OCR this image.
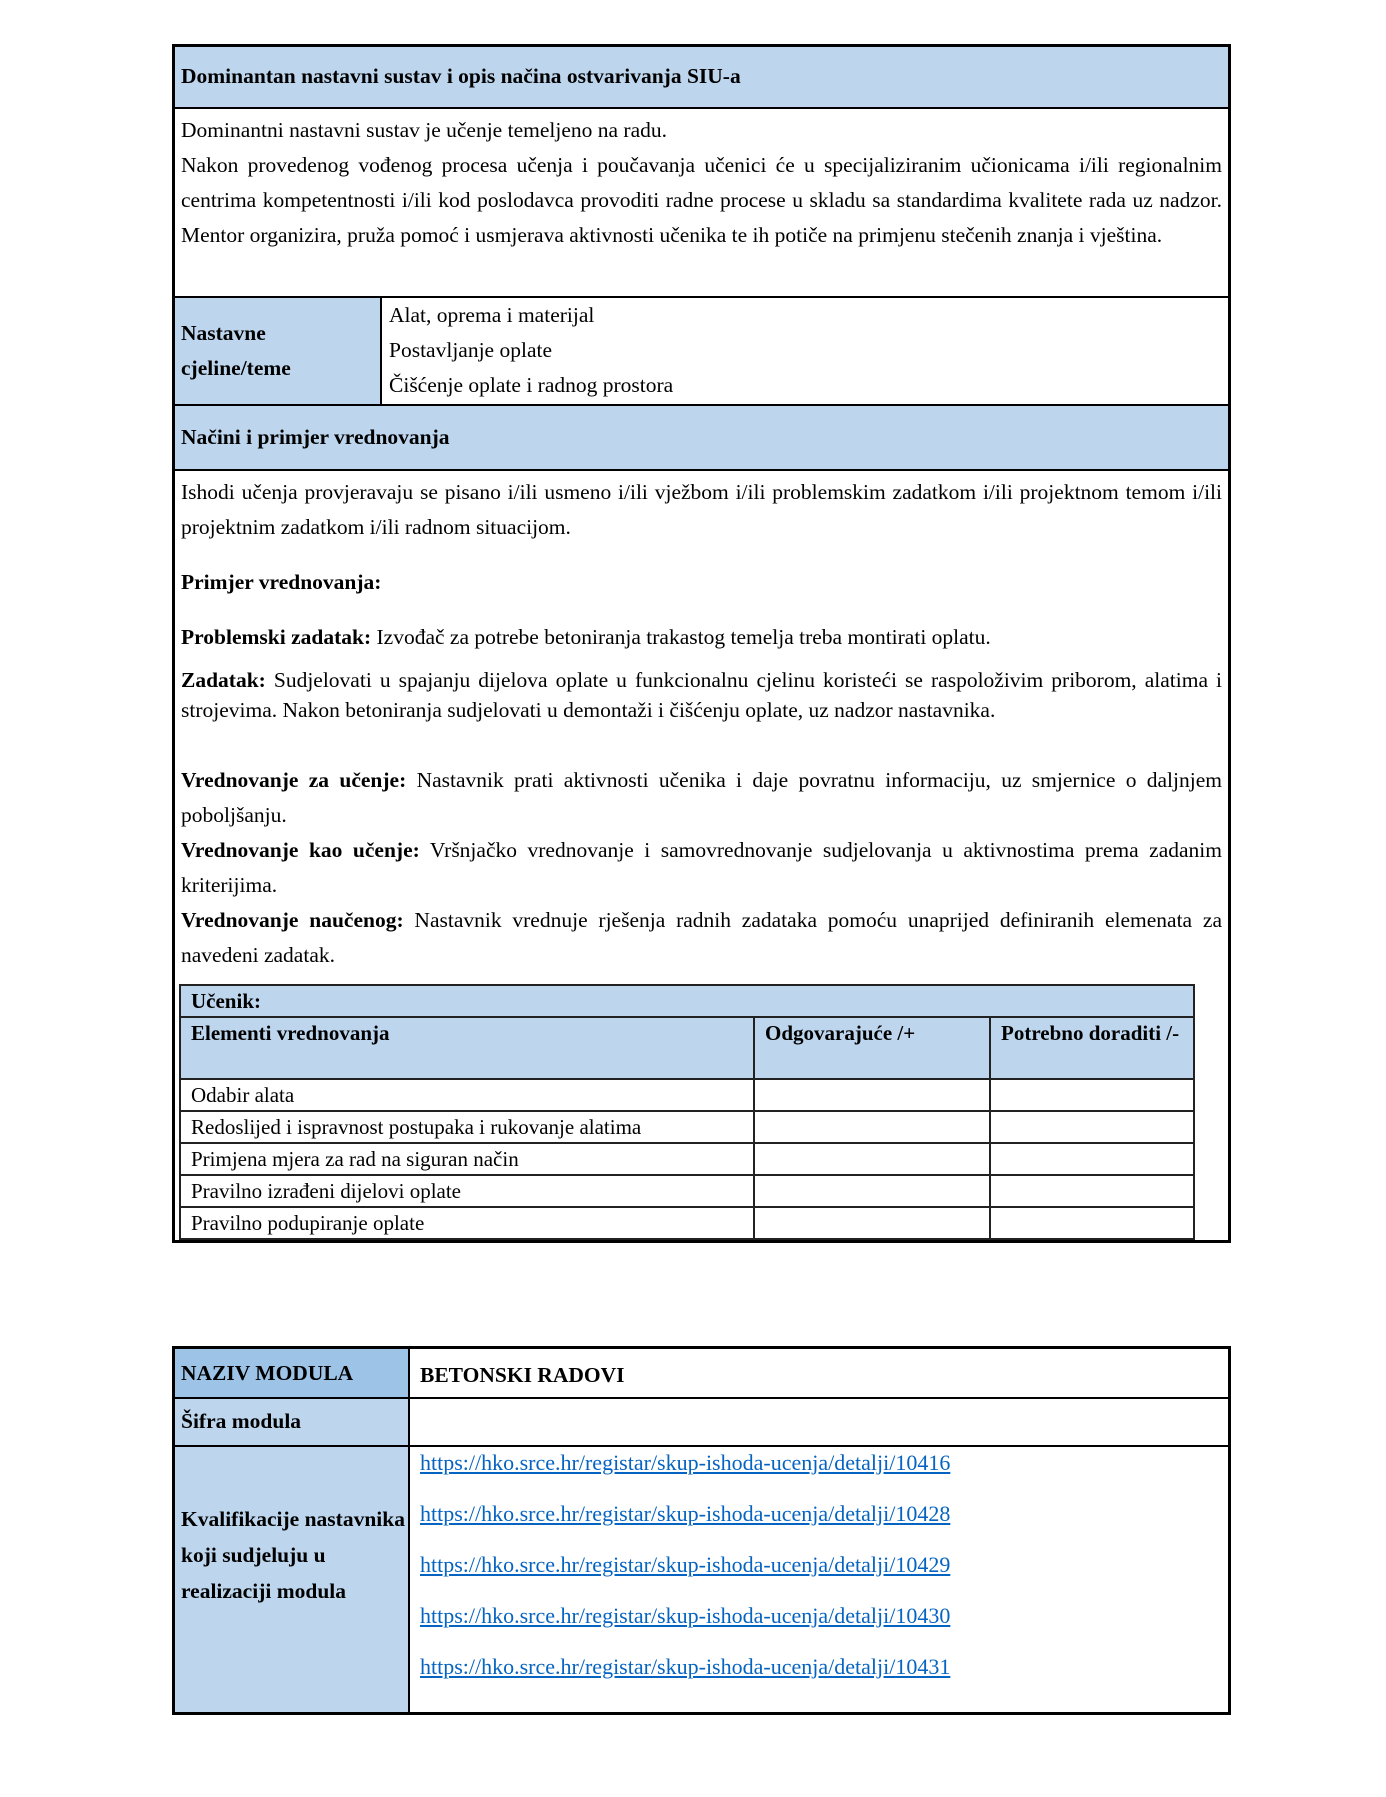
Dominantan nastavni sustav i opis načina ostvarivanja SIU-a

Dominantni nastavni sustav je učenje temeljeno na radu.

Nakon provedenog vođenog procesa učenja i poučavanja učenici će u specijaliziranim učionicama i/ili regionalnim centrima kompetentnosti i/ili kod poslodavca provoditi radne procese u skladu sa standardima kvalitete rada uz nadzor. Mentor organizira, pruža pomoć i usmjerava aktivnosti učenika te ih potiče na primjenu stečenih znanja i vještina.

Nastavne cjeline/teme
Alat, oprema i materijal
Postavljanje oplate
Čišćenje oplate i radnog prostora
Načini i primjer vrednovanja

Ishodi učenja provjeravaju se pisano i/ili usmeno i/ili vježbom i/ili problemskim zadatkom i/ili projektnom temom i/ili projektnim zadatkom i/ili radnom situacijom.

Primjer vrednovanja:

Problemski zadatak: Izvođač za potrebe betoniranja trakastog temelja treba montirati oplatu.

Zadatak: Sudjelovati u spajanju dijelova oplate u funkcionalnu cjelinu koristeći se raspoloživim priborom, alatima i strojevima. Nakon betoniranja sudjelovati u demontaži i čišćenju oplate, uz nadzor nastavnika.

Vrednovanje za učenje: Nastavnik prati aktivnosti učenika i daje povratnu informaciju, uz smjernice o daljnjem poboljšanju.

Vrednovanje kao učenje: Vršnjačko vrednovanje i samovrednovanje sudjelovanja u aktivnostima prema zadanim kriterijima.

Vrednovanje naučenog: Nastavnik vrednuje rješenja radnih zadataka pomoću unaprijed definiranih elemenata za navedeni zadatak.

Učenik:		
Elementi vrednovanja	Odgovarajuće /+	Potrebno doraditi /-
Odabir alata		
Redoslijed i ispravnost postupaka i rukovanje alatima		
Primjena mjera za rad na siguran način		
Pravilno izrađeni dijelovi oplate		
Pravilno podupiranje oplate		
NAZIV MODULA	BETONSKI RADOVI
Šifra modula
Kvalifikacije nastavnika koji sudjeluju u realizaciji modula
https://hko.srce.hr/registar/skup-ishoda-ucenja/detalji/10416
https://hko.srce.hr/registar/skup-ishoda-ucenja/detalji/10428
https://hko.srce.hr/registar/skup-ishoda-ucenja/detalji/10429
https://hko.srce.hr/registar/skup-ishoda-ucenja/detalji/10430
https://hko.srce.hr/registar/skup-ishoda-ucenja/detalji/10431
